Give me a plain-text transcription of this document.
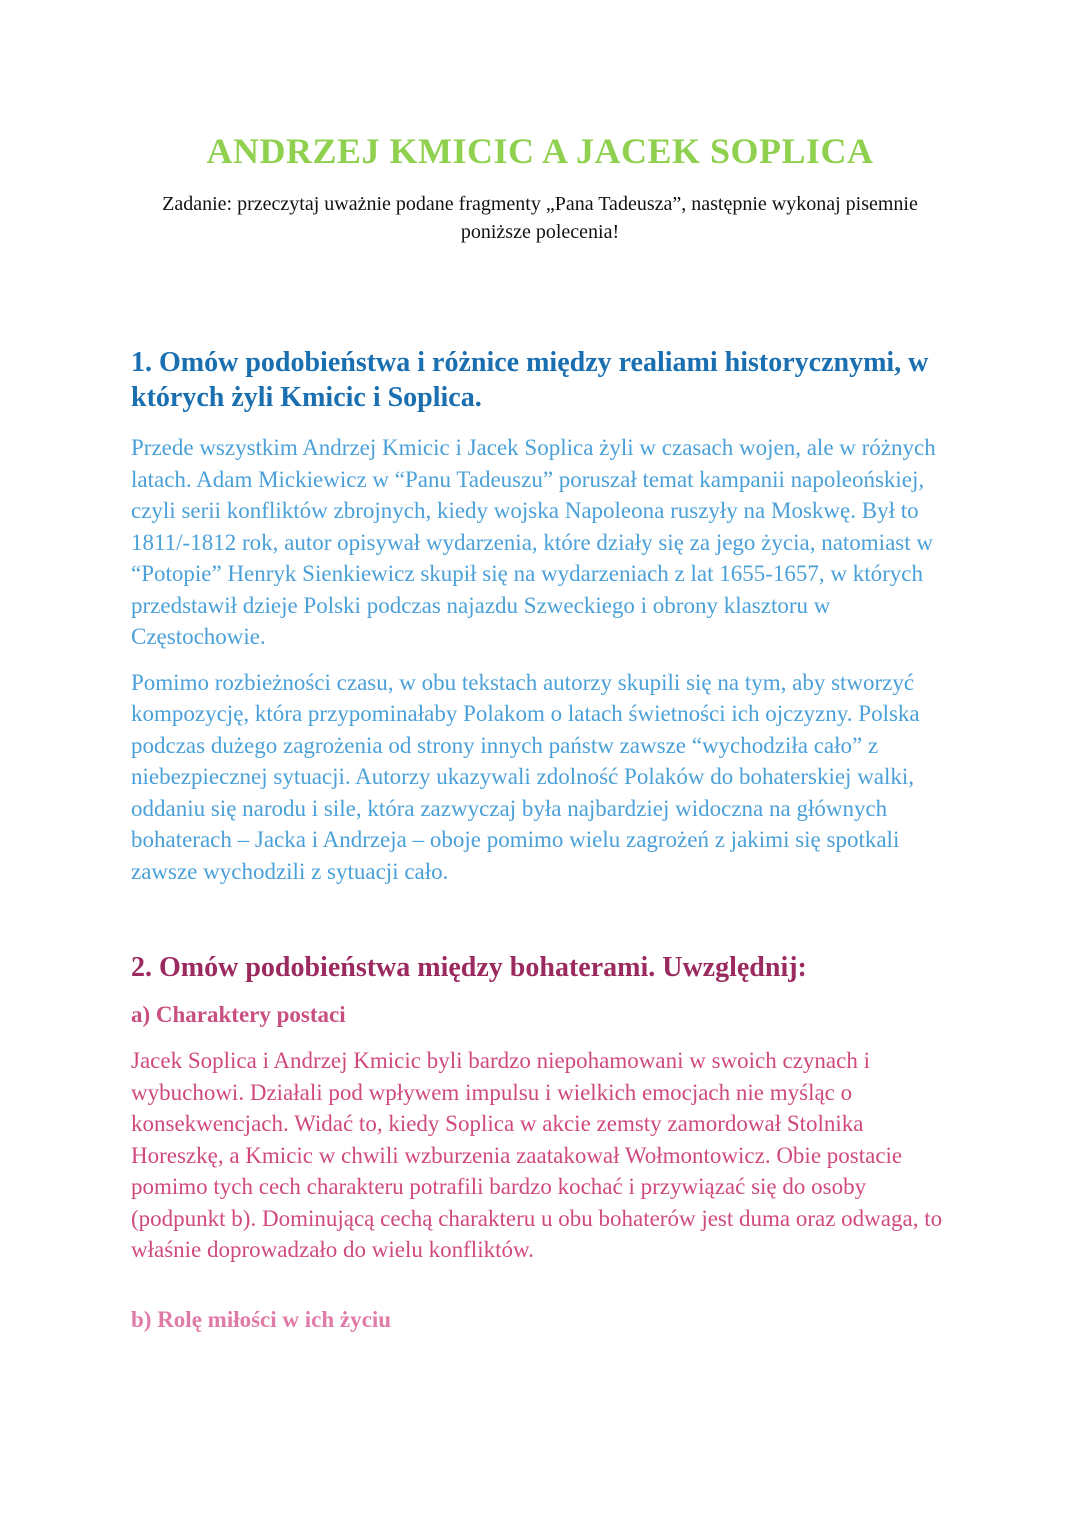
ANDRZEJ KMICIC A JACEK SOPLICA

Zadanie: przeczytaj uważnie podane fragmenty „Pana Tadeusza”, następnie wykonaj pisemnie poniższe polecenia!

1. Omów podobieństwa i różnice między realiami historycznymi, w których żyli Kmicic i Soplica.

Przede wszystkim Andrzej Kmicic i Jacek Soplica żyli w czasach wojen, ale w różnych latach. Adam Mickiewicz w “Panu Tadeuszu” poruszał temat kampanii napoleońskiej, czyli serii konfliktów zbrojnych, kiedy wojska Napoleona ruszyły na Moskwę. Był to 1811/-1812 rok, autor opisywał wydarzenia, które działy się za jego życia, natomiast w “Potopie” Henryk Sienkiewicz skupił się na wydarzeniach z lat 1655-1657, w których przedstawił dzieje Polski podczas najazdu Szweckiego i obrony klasztoru w Częstochowie.

Pomimo rozbieżności czasu, w obu tekstach autorzy skupili się na tym, aby stworzyć kompozycję, która przypominałaby Polakom o latach świetności ich ojczyzny. Polska podczas dużego zagrożenia od strony innych państw zawsze “wychodziła cało” z niebezpiecznej sytuacji. Autorzy ukazywali zdolność Polaków do bohaterskiej walki, oddaniu się narodu i sile, która zazwyczaj była najbardziej widoczna na głównych bohaterach – Jacka i Andrzeja – oboje pomimo wielu zagrożeń z jakimi się spotkali zawsze wychodzili z sytuacji cało.

2. Omów podobieństwa między bohaterami. Uwzględnij:
a) Charaktery postaci

Jacek Soplica i Andrzej Kmicic byli bardzo niepohamowani w swoich czynach i wybuchowi. Działali pod wpływem impulsu i wielkich emocjach nie myśląc o konsekwencjach. Widać to, kiedy Soplica w akcie zemsty zamordował Stolnika Horeszkę, a Kmicic w chwili wzburzenia zaatakował Wołmontowicz. Obie postacie pomimo tych cech charakteru potrafili bardzo kochać i przywiązać się do osoby (podpunkt b). Dominującą cechą charakteru u obu bohaterów jest duma oraz odwaga, to właśnie doprowadzało do wielu konfliktów.

b) Rolę miłości w ich życiu
